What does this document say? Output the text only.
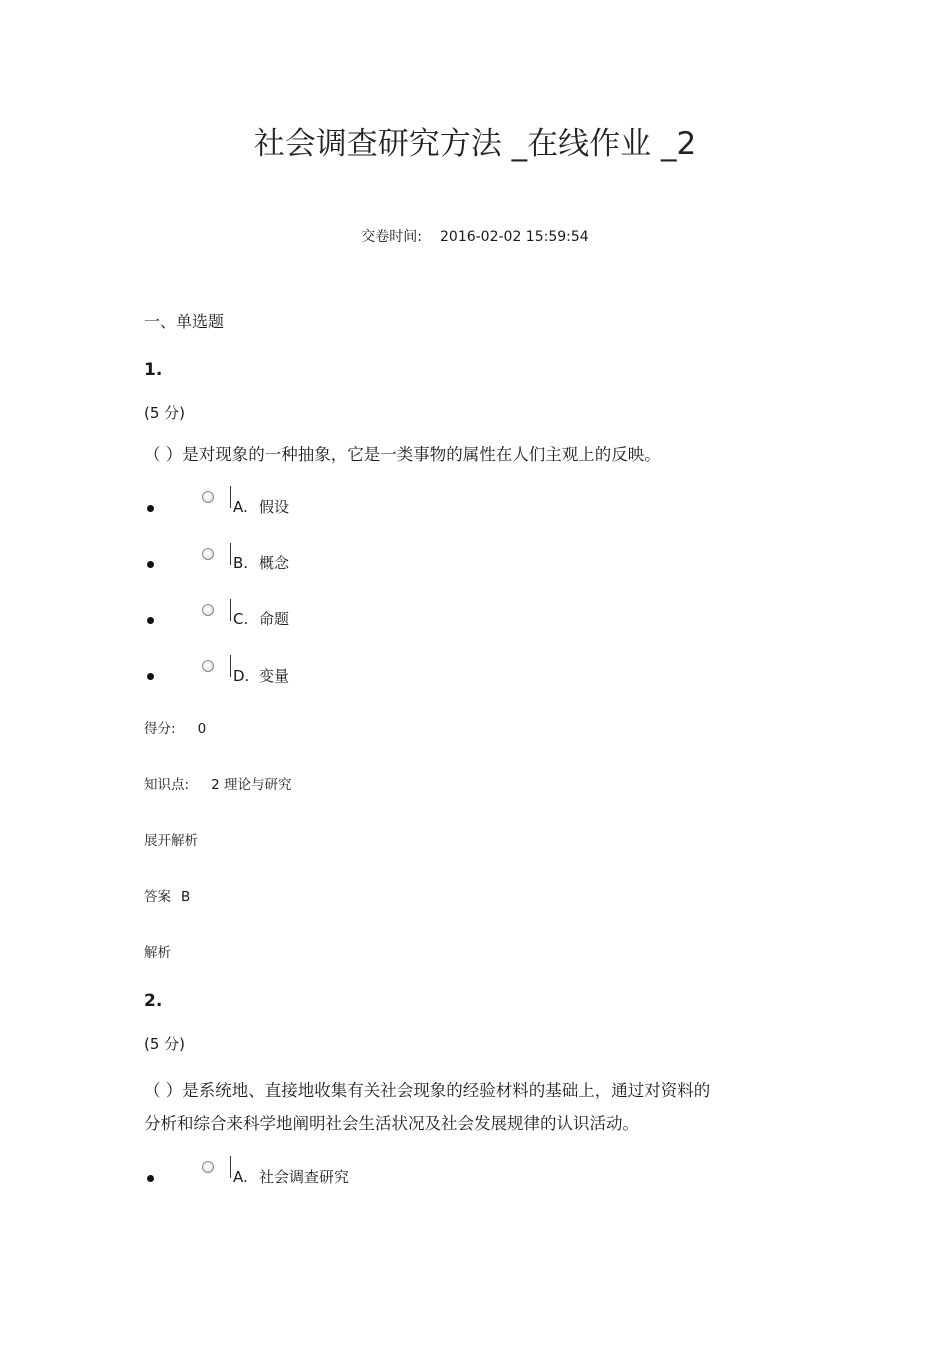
社会调查研究方法 _在线作业 _2
交卷时间: 2016-02-02 15:59:54
一、单选题
1.
(5 分)
（ ）是对现象的一种抽象，它是一类事物的属性在人们主观上的反映。
A. 假设
B. 概念
C. 命题
D. 变量
得分: 0
知识点: 2 理论与研究
展开解析
答案 B
解析
2.
(5 分)
（ ）是系统地、直接地收集有关社会现象的经验材料的基础上，通过对资料的
分析和综合来科学地阐明社会生活状况及社会发展规律的认识活动。
A. 社会调查研究
